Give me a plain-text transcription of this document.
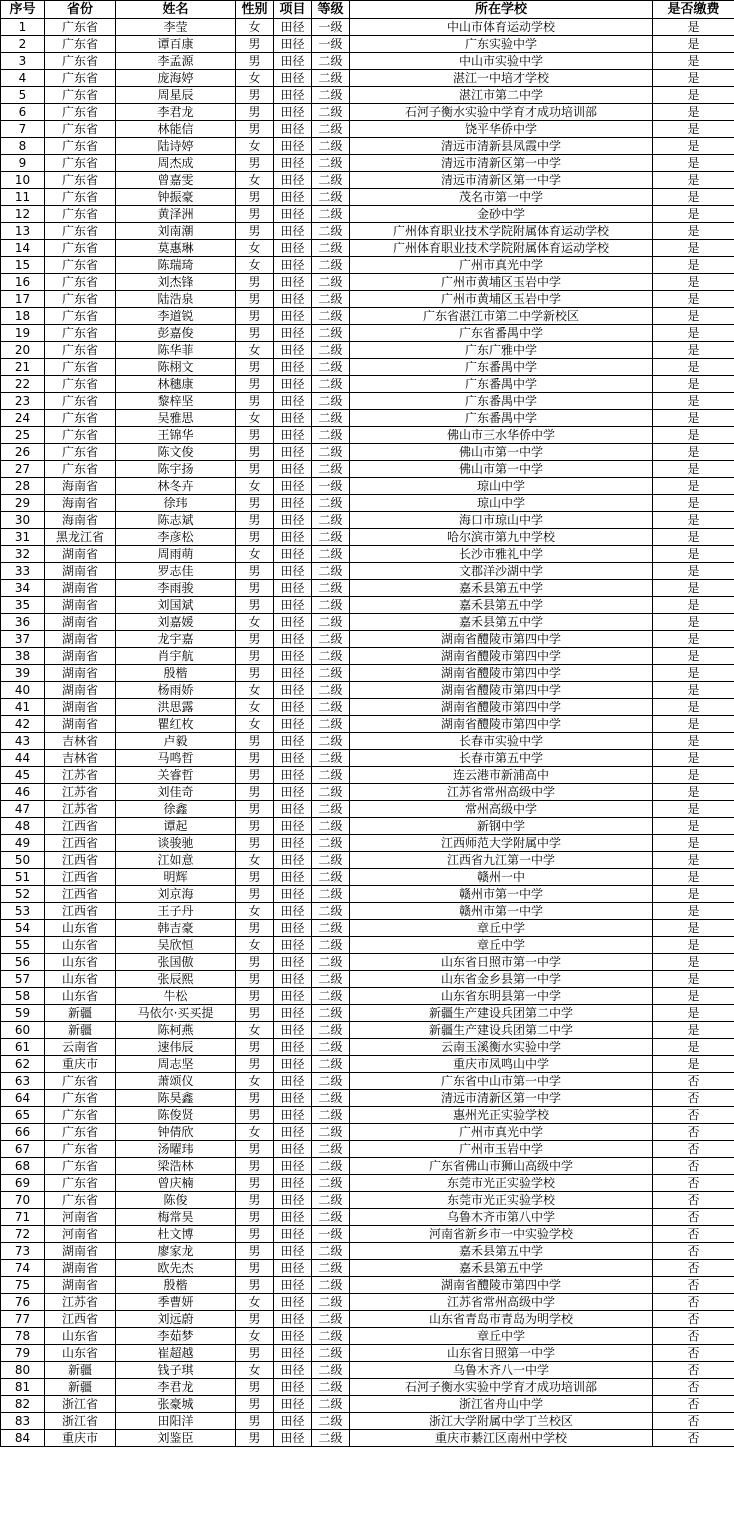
序号	省份	姓名	性别	项目	等级	所在学校	是否缴费
1	广东省	李莹	女	田径	一级	中山市体育运动学校	是
2	广东省	谭百康	男	田径	一级	广东实验中学	是
3	广东省	李孟源	男	田径	二级	中山市实验中学	是
4	广东省	庞海婷	女	田径	二级	湛江一中培才学校	是
5	广东省	周星辰	男	田径	二级	湛江市第二中学	是
6	广东省	李君龙	男	田径	二级	石河子衡水实验中学育才成功培训部	是
7	广东省	林能信	男	田径	二级	饶平华侨中学	是
8	广东省	陆诗婷	女	田径	二级	清远市清新县凤霞中学	是
9	广东省	周杰成	男	田径	二级	清远市清新区第一中学	是
10	广东省	曾嘉雯	女	田径	二级	清远市清新区第一中学	是
11	广东省	钟振豪	男	田径	二级	茂名市第一中学	是
12	广东省	黄泽洲	男	田径	二级	金砂中学	是
13	广东省	刘南潮	男	田径	二级	广州体育职业技术学院附属体育运动学校	是
14	广东省	莫惠琳	女	田径	二级	广州体育职业技术学院附属体育运动学校	是
15	广东省	陈瑞琦	女	田径	二级	广州市真光中学	是
16	广东省	刘杰锋	男	田径	二级	广州市黄埔区玉岩中学	是
17	广东省	陆浩泉	男	田径	二级	广州市黄埔区玉岩中学	是
18	广东省	李道锐	男	田径	二级	广东省湛江市第二中学新校区	是
19	广东省	彭嘉俊	男	田径	二级	广东省番禺中学	是
20	广东省	陈华菲	女	田径	二级	广东广雅中学	是
21	广东省	陈栩文	男	田径	二级	广东番禺中学	是
22	广东省	林穗康	男	田径	二级	广东番禺中学	是
23	广东省	黎梓坚	男	田径	二级	广东番禺中学	是
24	广东省	吴雅思	女	田径	二级	广东番禺中学	是
25	广东省	王锦华	男	田径	二级	佛山市三水华侨中学	是
26	广东省	陈文俊	男	田径	二级	佛山市第一中学	是
27	广东省	陈宇扬	男	田径	二级	佛山市第一中学	是
28	海南省	林冬卉	女	田径	一级	琼山中学	是
29	海南省	徐玮	男	田径	二级	琼山中学	是
30	海南省	陈志斌	男	田径	二级	海口市琼山中学	是
31	黑龙江省	李彦松	男	田径	二级	哈尔滨市第九中学校	是
32	湖南省	周雨萌	女	田径	二级	长沙市雅礼中学	是
33	湖南省	罗志佳	男	田径	二级	文郡洋沙湖中学	是
34	湖南省	李雨骏	男	田径	二级	嘉禾县第五中学	是
35	湖南省	刘国斌	男	田径	二级	嘉禾县第五中学	是
36	湖南省	刘嘉媛	女	田径	二级	嘉禾县第五中学	是
37	湖南省	龙宇嘉	男	田径	二级	湖南省醴陵市第四中学	是
38	湖南省	肖宇航	男	田径	二级	湖南省醴陵市第四中学	是
39	湖南省	殷楷	男	田径	二级	湖南省醴陵市第四中学	是
40	湖南省	杨雨娇	女	田径	二级	湖南省醴陵市第四中学	是
41	湖南省	洪思露	女	田径	二级	湖南省醴陵市第四中学	是
42	湖南省	瞿红枚	女	田径	二级	湖南省醴陵市第四中学	是
43	吉林省	卢毅	男	田径	二级	长春市实验中学	是
44	吉林省	马鸣哲	男	田径	二级	长春市第五中学	是
45	江苏省	关睿哲	男	田径	二级	连云港市新浦高中	是
46	江苏省	刘佳奇	男	田径	二级	江苏省常州高级中学	是
47	江苏省	徐鑫	男	田径	二级	常州高级中学	是
48	江西省	谭起	男	田径	二级	新钢中学	是
49	江西省	谈骏驰	男	田径	二级	江西师范大学附属中学	是
50	江西省	江如意	女	田径	二级	江西省九江第一中学	是
51	江西省	明辉	男	田径	二级	赣州一中	是
52	江西省	刘京海	男	田径	二级	赣州市第一中学	是
53	江西省	王子丹	女	田径	二级	赣州市第一中学	是
54	山东省	韩吉豪	男	田径	二级	章丘中学	是
55	山东省	吴欣恒	女	田径	二级	章丘中学	是
56	山东省	张国傲	男	田径	二级	山东省日照市第一中学	是
57	山东省	张辰熙	男	田径	二级	山东省金乡县第一中学	是
58	山东省	牛松	男	田径	二级	山东省东明县第一中学	是
59	新疆	马依尔·买买提	男	田径	二级	新疆生产建设兵团第二中学	是
60	新疆	陈柯燕	女	田径	二级	新疆生产建设兵团第二中学	是
61	云南省	速伟辰	男	田径	二级	云南玉溪衡水实验中学	是
62	重庆市	周志坚	男	田径	二级	重庆市凤鸣山中学	是
63	广东省	萧颂仪	女	田径	二级	广东省中山市第一中学	否
64	广东省	陈昊鑫	男	田径	二级	清远市清新区第一中学	否
65	广东省	陈俊贤	男	田径	二级	惠州光正实验学校	否
66	广东省	钟倩欣	女	田径	二级	广州市真光中学	否
67	广东省	汤曜玮	男	田径	二级	广州市玉岩中学	否
68	广东省	梁浩林	男	田径	二级	广东省佛山市狮山高级中学	否
69	广东省	曾庆楠	男	田径	二级	东莞市光正实验学校	否
70	广东省	陈俊	男	田径	二级	东莞市光正实验学校	否
71	河南省	梅常昊	男	田径	二级	乌鲁木齐市第八中学	否
72	河南省	杜文博	男	田径	一级	河南省新乡市一中实验学校	否
73	湖南省	廖家龙	男	田径	二级	嘉禾县第五中学	否
74	湖南省	欧先杰	男	田径	二级	嘉禾县第五中学	否
75	湖南省	殷楷	男	田径	二级	湖南省醴陵市第四中学	否
76	江苏省	季曹妍	女	田径	二级	江苏省常州高级中学	否
77	江西省	刘远蔚	男	田径	二级	山东省青岛市青岛为明学校	否
78	山东省	李茹梦	女	田径	二级	章丘中学	否
79	山东省	崔超越	男	田径	二级	山东省日照第一中学	否
80	新疆	钱子琪	女	田径	二级	乌鲁木齐八一中学	否
81	新疆	李君龙	男	田径	二级	石河子衡水实验中学育才成功培训部	否
82	浙江省	张豪城	男	田径	二级	浙江省舟山中学	否
83	浙江省	田阳洋	男	田径	二级	浙江大学附属中学丁兰校区	否
84	重庆市	刘鉴臣	男	田径	二级	重庆市綦江区南州中学校	否
